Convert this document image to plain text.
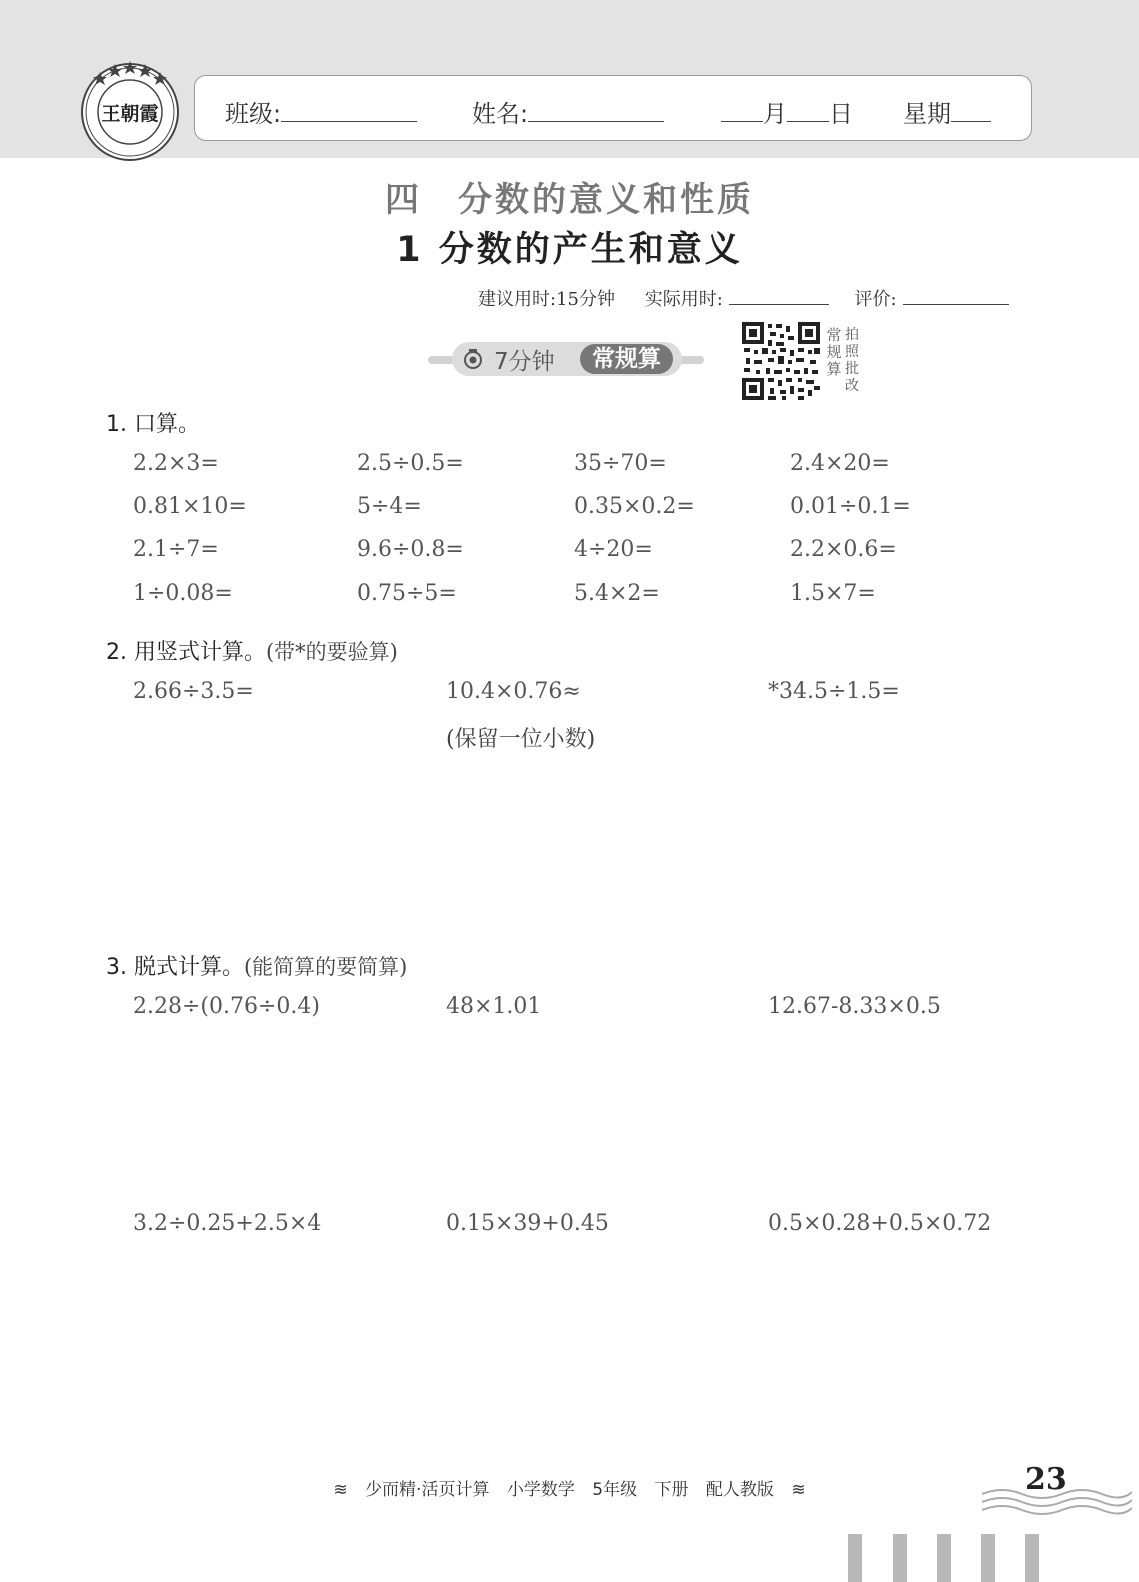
王朝霞	班级:	姓名:	月 日 星期
四 分数的意义和性质
1 分数的产生和意义
建议用时:15分钟 实际用时:	评价:
7分钟	常规算
常规算
拍照批改
1. 口算。
2.2×3=	2.5÷0.5=	35÷70=	2.4×20=
0.81×10=	5÷4=	0.35×0.2=	0.01÷0.1=
2.1÷7=	9.6÷0.8=	4÷20=	2.2×0.6=
1÷0.08=	0.75÷5=	5.4×2=	1.5×7=
2. 用竖式计算。(带*的要验算)
2.66÷3.5=	10.4×0.76≈	*34.5÷1.5=
(保留一位小数)
3. 脱式计算。(能简算的要简算)
2.28÷(0.76÷0.4)	48×1.01	12.67-8.33×0.5
3.2÷0.25+2.5×4	0.15×39+0.45	0.5×0.28+0.5×0.72
≋ 少而精·活页计算 小学数学 5年级 下册 配人教版 ≋	23
